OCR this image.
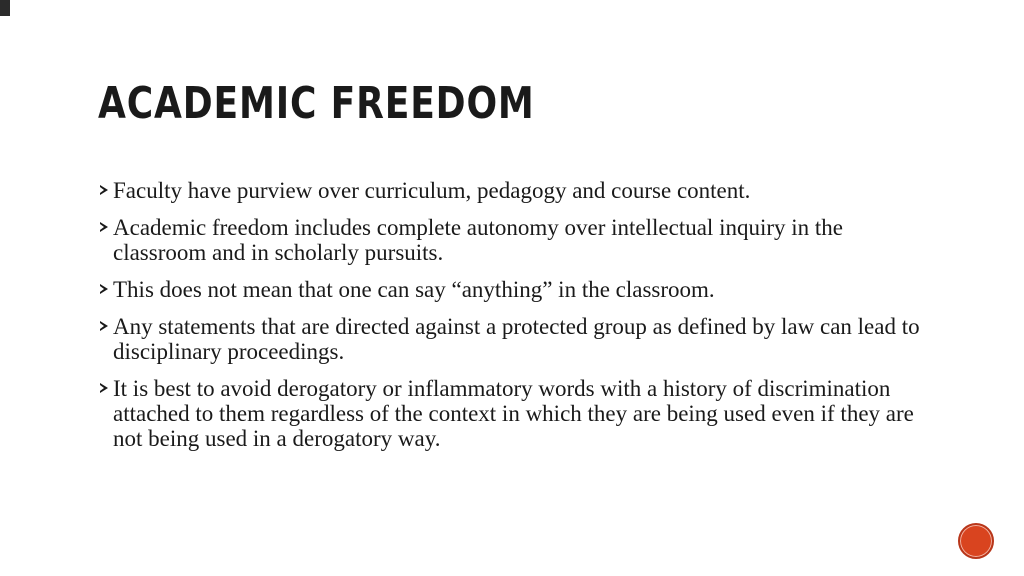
ACADEMIC FREEDOM
Faculty have purview over curriculum, pedagogy and course content.
Academic freedom includes complete autonomy over intellectual inquiry in the classroom and in scholarly pursuits.
This does not mean that one can say “anything” in the classroom.
Any statements that are directed against a protected group as defined by law can lead to disciplinary proceedings.
It is best to avoid derogatory or inflammatory words with a history of discrimination attached to them regardless of the context in which they are being used even if they are not being used in a derogatory way.
